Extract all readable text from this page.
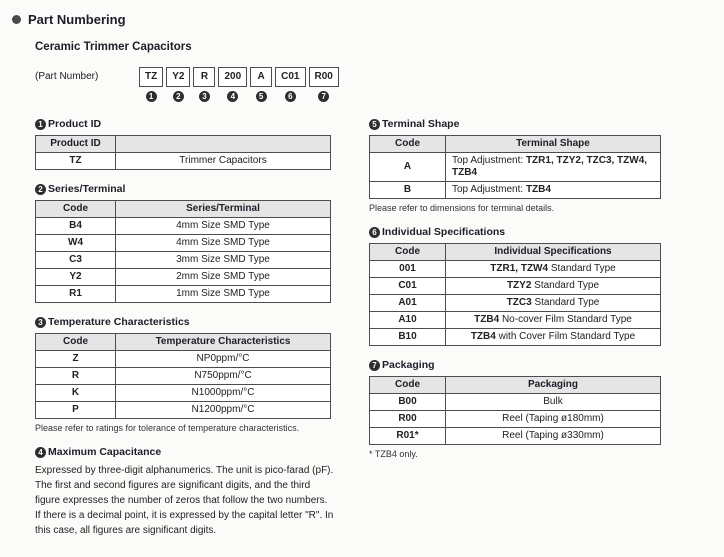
Part Numbering
Ceramic Trimmer Capacitors
(Part Number)	TZ
1
Y2
2
R
3
200
4
A
5
C01
6
R00
7
1 Product ID
Product ID	
TZ	Trimmer Capacitors
2 Series/Terminal
Code	Series/Terminal
B4	4mm Size SMD Type
W4	4mm Size SMD Type
C3	3mm Size SMD Type
Y2	2mm Size SMD Type
R1	1mm Size SMD Type
3 Temperature Characteristics
Code	Temperature Characteristics
Z	NP0ppm/°C
R	N750ppm/°C
K	N1000ppm/°C
P	N1200ppm/°C
Please refer to ratings for tolerance of temperature characteristics.
4 Maximum Capacitance

Expressed by three-digit alphanumerics. The unit is pico-farad (pF). The first and second figures are significant digits, and the third figure expresses the number of zeros that follow the two numbers. If there is a decimal point, it is expressed by the capital letter "R". In this case, all figures are significant digits.

5 Terminal Shape
Code	Terminal Shape
A	Top Adjustment: TZR1, TZY2, TZC3, TZW4, TZB4
B	Top Adjustment: TZB4
Please refer to dimensions for terminal details.
6 Individual Specifications
Code	Individual Specifications
001	TZR1, TZW4 Standard Type
C01	TZY2 Standard Type
A01	TZC3 Standard Type
A10	TZB4 No-cover Film Standard Type
B10	TZB4 with Cover Film Standard Type
7 Packaging
Code	Packaging
B00	Bulk
R00	Reel (Taping ø180mm)
R01*	Reel (Taping ø330mm)
* TZB4 only.
